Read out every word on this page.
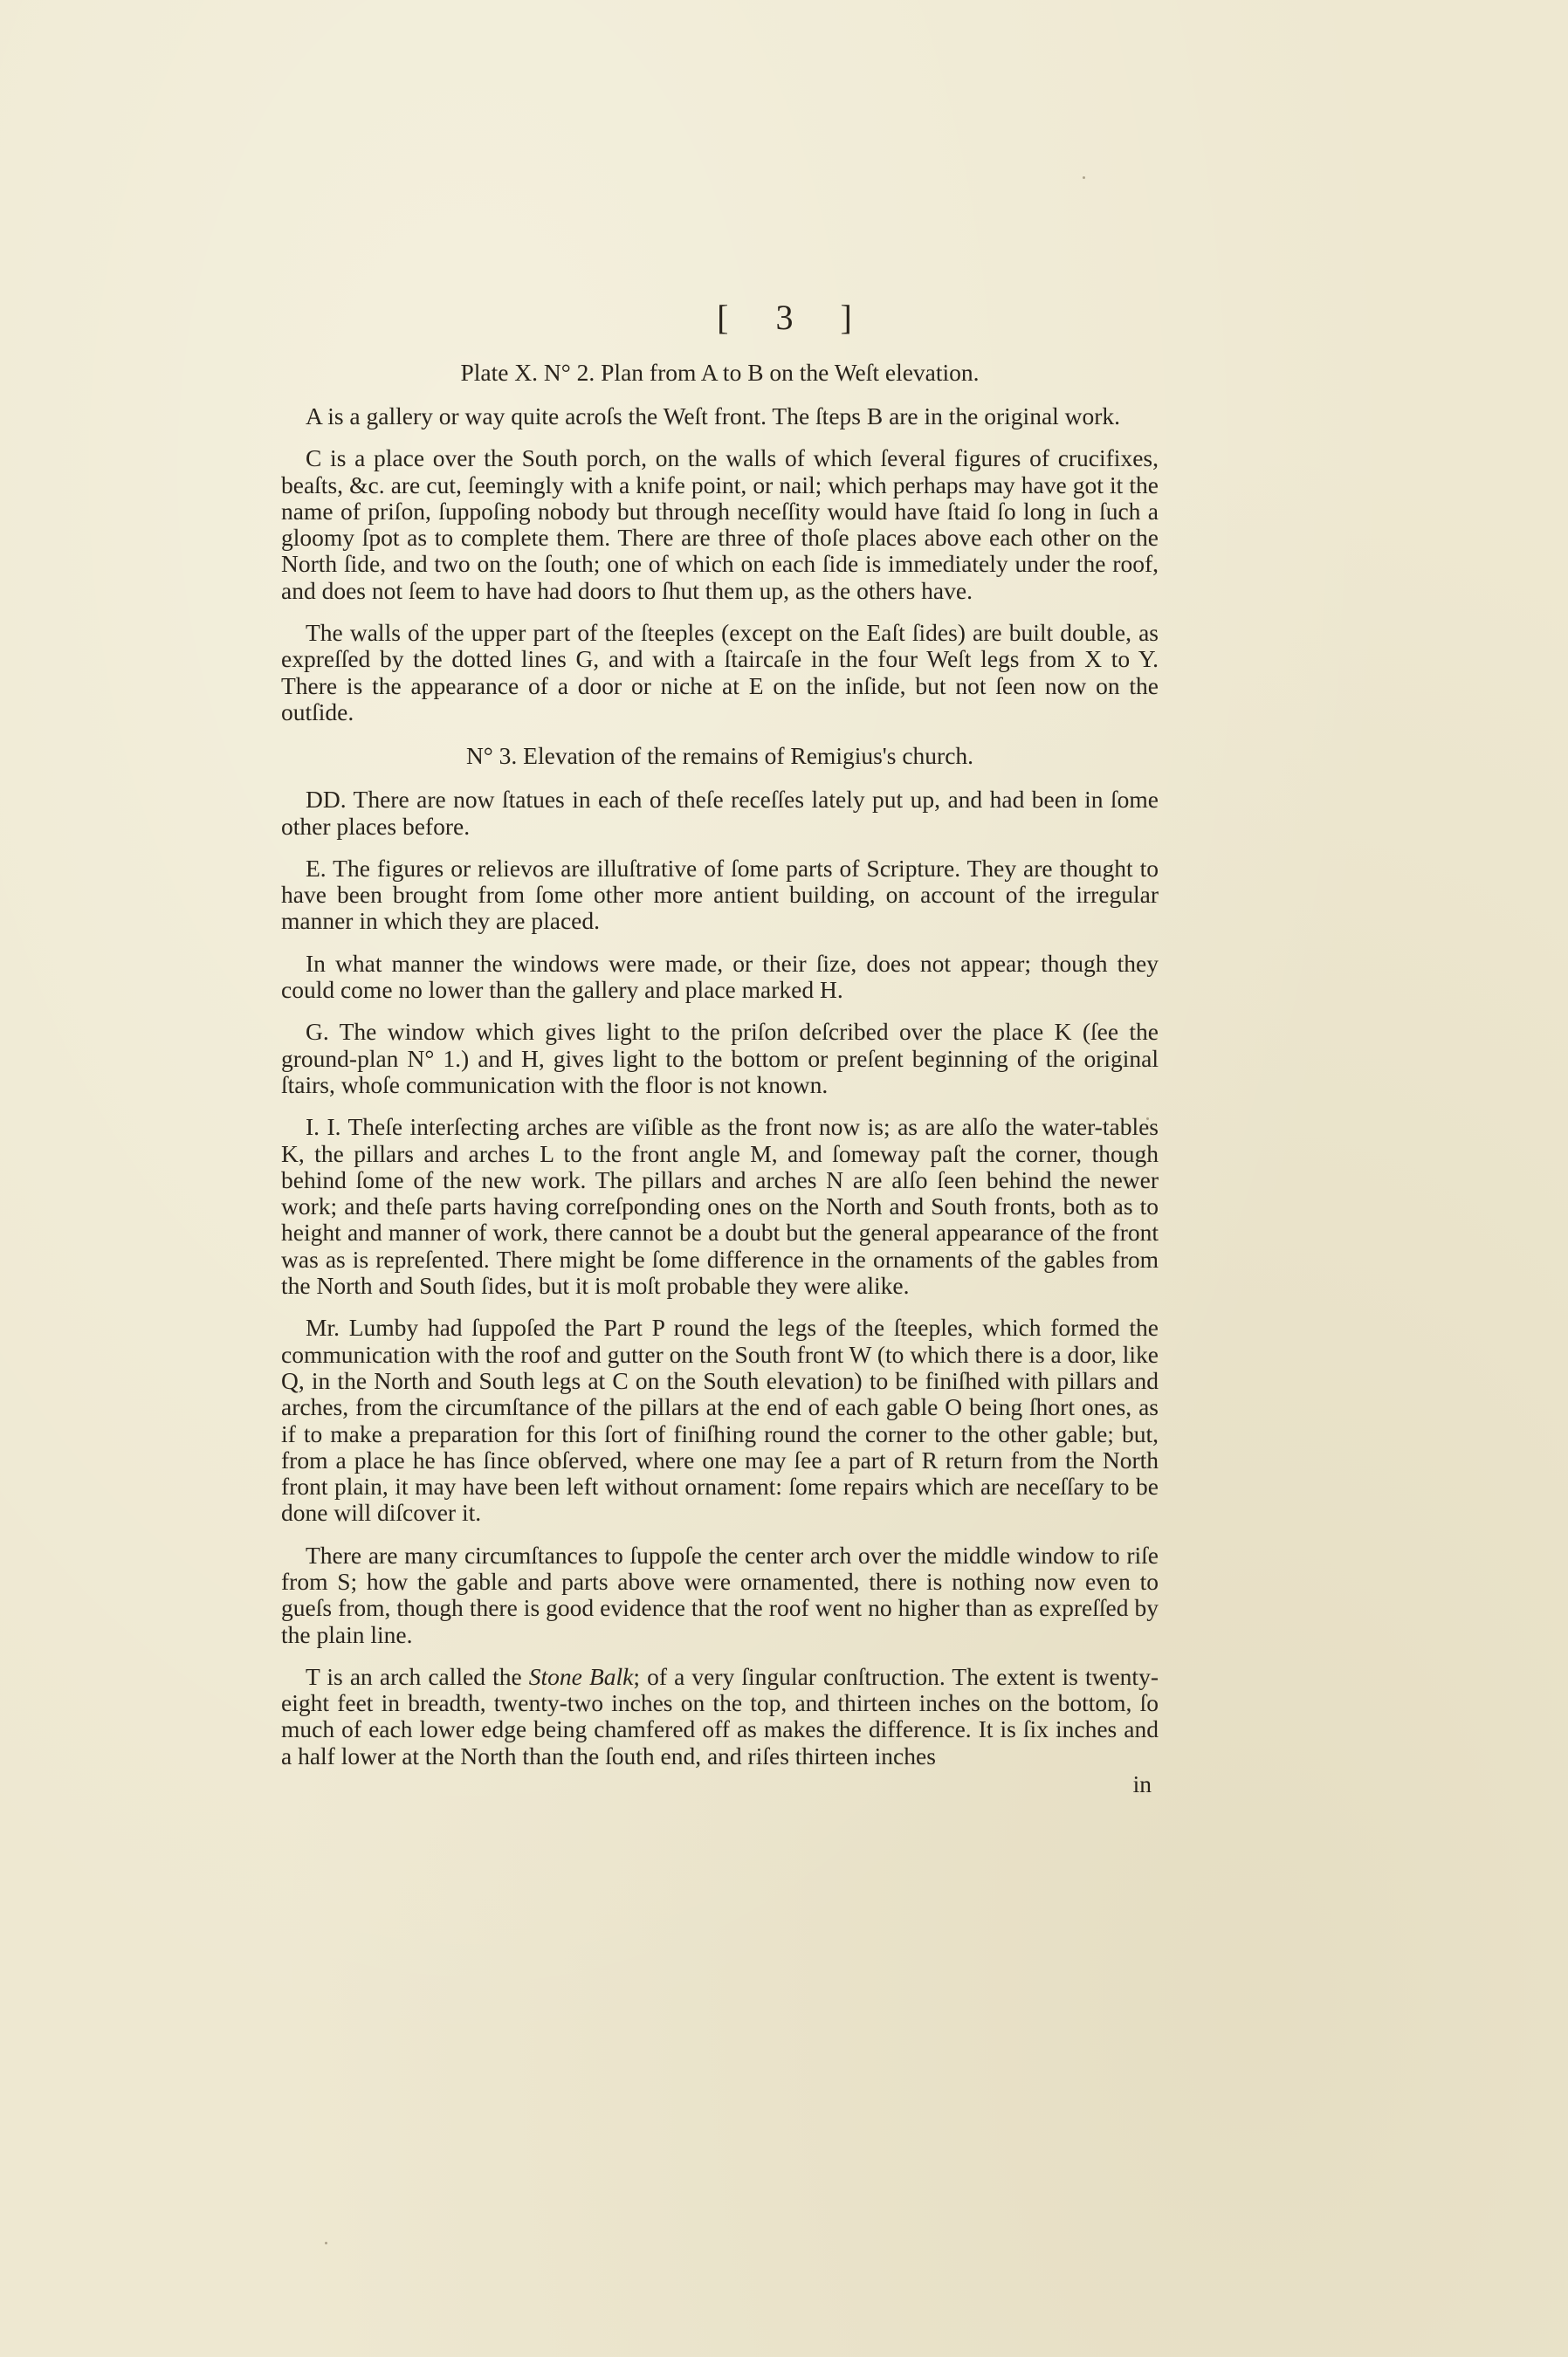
[ 3 ]
Plate X. N° 2. Plan from A to B on the Weſt elevation.

A is a gallery or way quite acroſs the Weſt front. The ſteps B are in the original work.

C is a place over the South porch, on the walls of which ſeveral figures of crucifixes, beaſts, &c. are cut, ſeemingly with a knife point, or nail; which perhaps may have got it the name of priſon, ſuppoſing nobody but through neceſſity would have ſtaid ſo long in ſuch a gloomy ſpot as to complete them. There are three of thoſe places above each other on the North ſide, and two on the ſouth; one of which on each ſide is immediately under the roof, and does not ſeem to have had doors to ſhut them up, as the others have.

The walls of the upper part of the ſteeples (except on the Eaſt ſides) are built double, as expreſſed by the dotted lines G, and with a ſtaircaſe in the four Weſt legs from X to Y. There is the appearance of a door or niche at E on the inſide, but not ſeen now on the outſide.

N° 3. Elevation of the remains of Remigius's church.

DD. There are now ſtatues in each of theſe receſſes lately put up, and had been in ſome other places before.

E. The figures or relievos are illuſtrative of ſome parts of Scripture. They are thought to have been brought from ſome other more antient building, on account of the irregular manner in which they are placed.

In what manner the windows were made, or their ſize, does not appear; though they could come no lower than the gallery and place marked H.

G. The window which gives light to the priſon deſcribed over the place K (ſee the ground-plan N° 1.) and H, gives light to the bottom or preſent beginning of the original ſtairs, whoſe communication with the floor is not known.

I. I. Theſe interſecting arches are viſible as the front now is; as are alſo the water-tables K, the pillars and arches L to the front angle M, and ſomeway paſt the corner, though behind ſome of the new work. The pillars and arches N are alſo ſeen behind the newer work; and theſe parts having correſponding ones on the North and South fronts, both as to height and manner of work, there cannot be a doubt but the general appearance of the front was as is repreſented. There might be ſome difference in the ornaments of the gables from the North and South ſides, but it is moſt probable they were alike.

Mr. Lumby had ſuppoſed the Part P round the legs of the ſteeples, which formed the communication with the roof and gutter on the South front W (to which there is a door, like Q, in the North and South legs at C on the South elevation) to be finiſhed with pillars and arches, from the circumſtance of the pillars at the end of each gable O being ſhort ones, as if to make a preparation for this ſort of finiſhing round the corner to the other gable; but, from a place he has ſince obſerved, where one may ſee a part of R return from the North front plain, it may have been left without ornament: ſome repairs which are neceſſary to be done will diſcover it.

There are many circumſtances to ſuppoſe the center arch over the middle window to riſe from S; how the gable and parts above were ornamented, there is nothing now even to gueſs from, though there is good evidence that the roof went no higher than as expreſſed by the plain line.

T is an arch called the Stone Balk; of a very ſingular conſtruction. The extent is twenty-eight feet in breadth, twenty-two inches on the top, and thirteen inches on the bottom, ſo much of each lower edge being chamfered off as makes the difference. It is ſix inches and a half lower at the North than the ſouth end, and riſes thirteen inches

in
